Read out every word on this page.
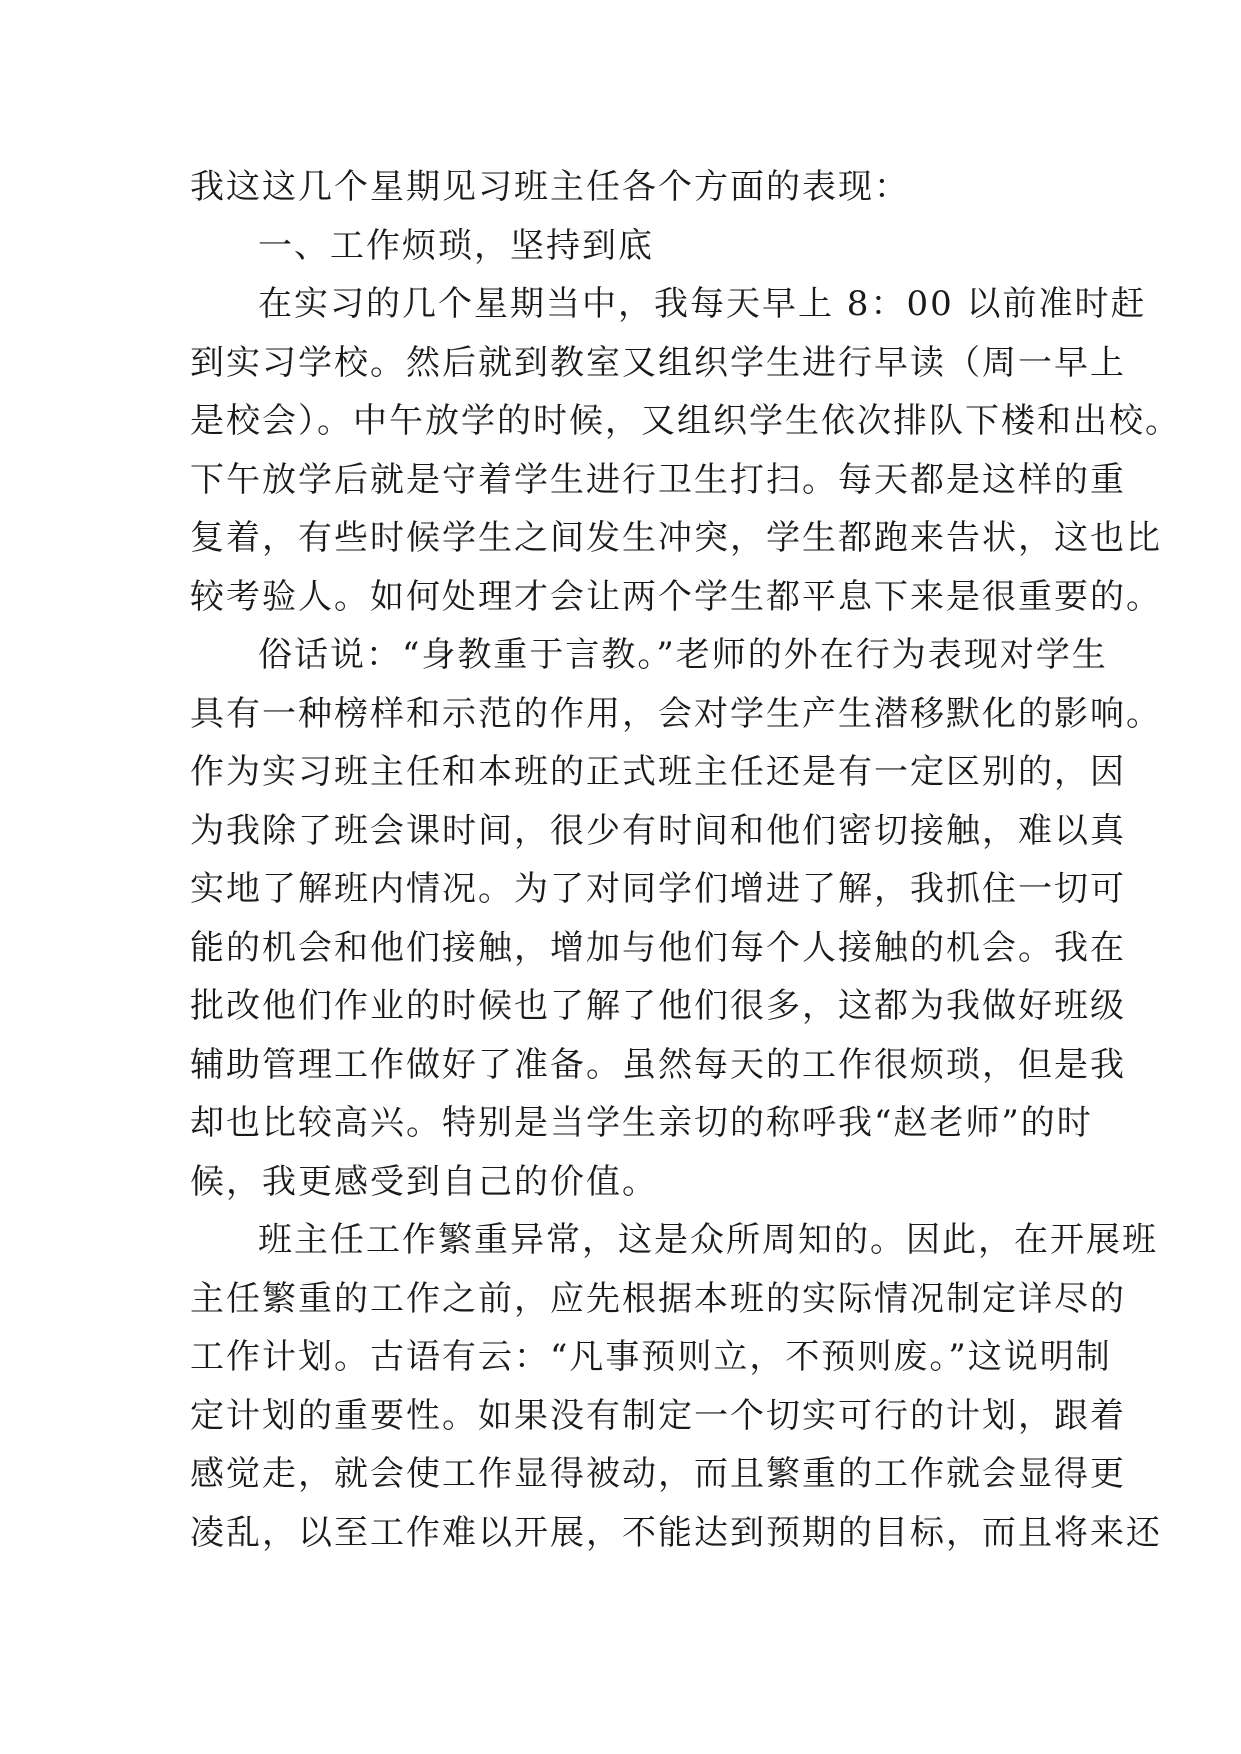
我这这几个星期见习班主任各个方面的表现：
一、工作烦琐，坚持到底
在实习的几个星期当中，我每天早上 8：00 以前准时赶
到实习学校。然后就到教室又组织学生进行早读（周一早上
是校会）。中午放学的时候，又组织学生依次排队下楼和出校。
下午放学后就是守着学生进行卫生打扫。每天都是这样的重
复着，有些时候学生之间发生冲突，学生都跑来告状，这也比
较考验人。如何处理才会让两个学生都平息下来是很重要的。
俗话说：“身教重于言教。”老师的外在行为表现对学生
具有一种榜样和示范的作用，会对学生产生潜移默化的影响。
作为实习班主任和本班的正式班主任还是有一定区别的，因
为我除了班会课时间，很少有时间和他们密切接触，难以真
实地了解班内情况。为了对同学们增进了解，我抓住一切可
能的机会和他们接触，增加与他们每个人接触的机会。我在
批改他们作业的时候也了解了他们很多，这都为我做好班级
辅助管理工作做好了准备。虽然每天的工作很烦琐，但是我
却也比较高兴。特别是当学生亲切的称呼我“赵老师”的时
候，我更感受到自己的价值。
班主任工作繁重异常，这是众所周知的。因此，在开展班
主任繁重的工作之前，应先根据本班的实际情况制定详尽的
工作计划。古语有云：“凡事预则立，不预则废。”这说明制
定计划的重要性。如果没有制定一个切实可行的计划，跟着
感觉走，就会使工作显得被动，而且繁重的工作就会显得更
凌乱，以至工作难以开展，不能达到预期的目标，而且将来还
